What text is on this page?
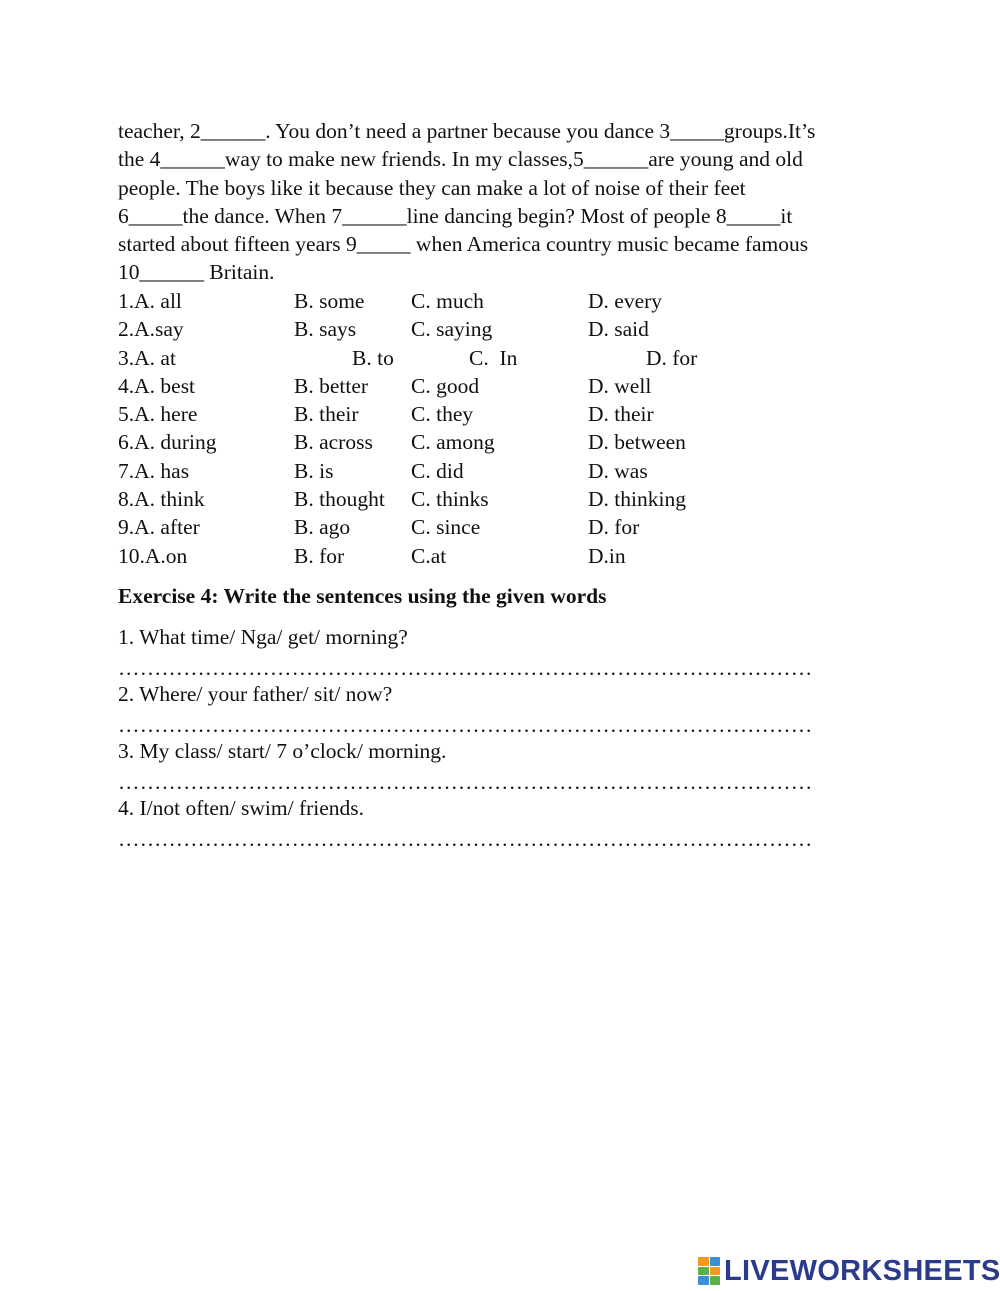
teacher, 2______. You don’t need a partner because you dance 3_____groups.It’s
the 4______way to make new friends. In my classes,5______are young and old
people. The boys like it because they can make a lot of noise of their feet
6_____the dance. When 7______line dancing begin? Most of people 8_____it
started about fifteen years 9_____ when America country music became famous
10______ Britain.
1.A. all	B. some C. much	D. every
2.A.say	B. says	C. saying	D. said
3.A. at	B. to	C.  In	D. for
4.A. best	B. better C. good	D. well
5.A. here	B. their C. they	D. their
6.A. during	B. across C. among	D. between
7.A. has	B. is	C. did	D. was
8.A. think	B. thought C. thinks	D. thinking
9.A. after	B. ago	C. since	D. for
10.A.on	B. for	C.at	D.in
Exercise 4: Write the sentences using the given words
1. What time/ Nga/ get/ morning?
……………………………………………………………………………………
2. Where/ your father/ sit/ now?
……………………………………………………………………………………
3. My class/ start/ 7 o’clock/ morning.
……………………………………………………………………………………
4. I/not often/ swim/ friends.
……………………………………………………………………………………
LIVEWORKSHEETS
